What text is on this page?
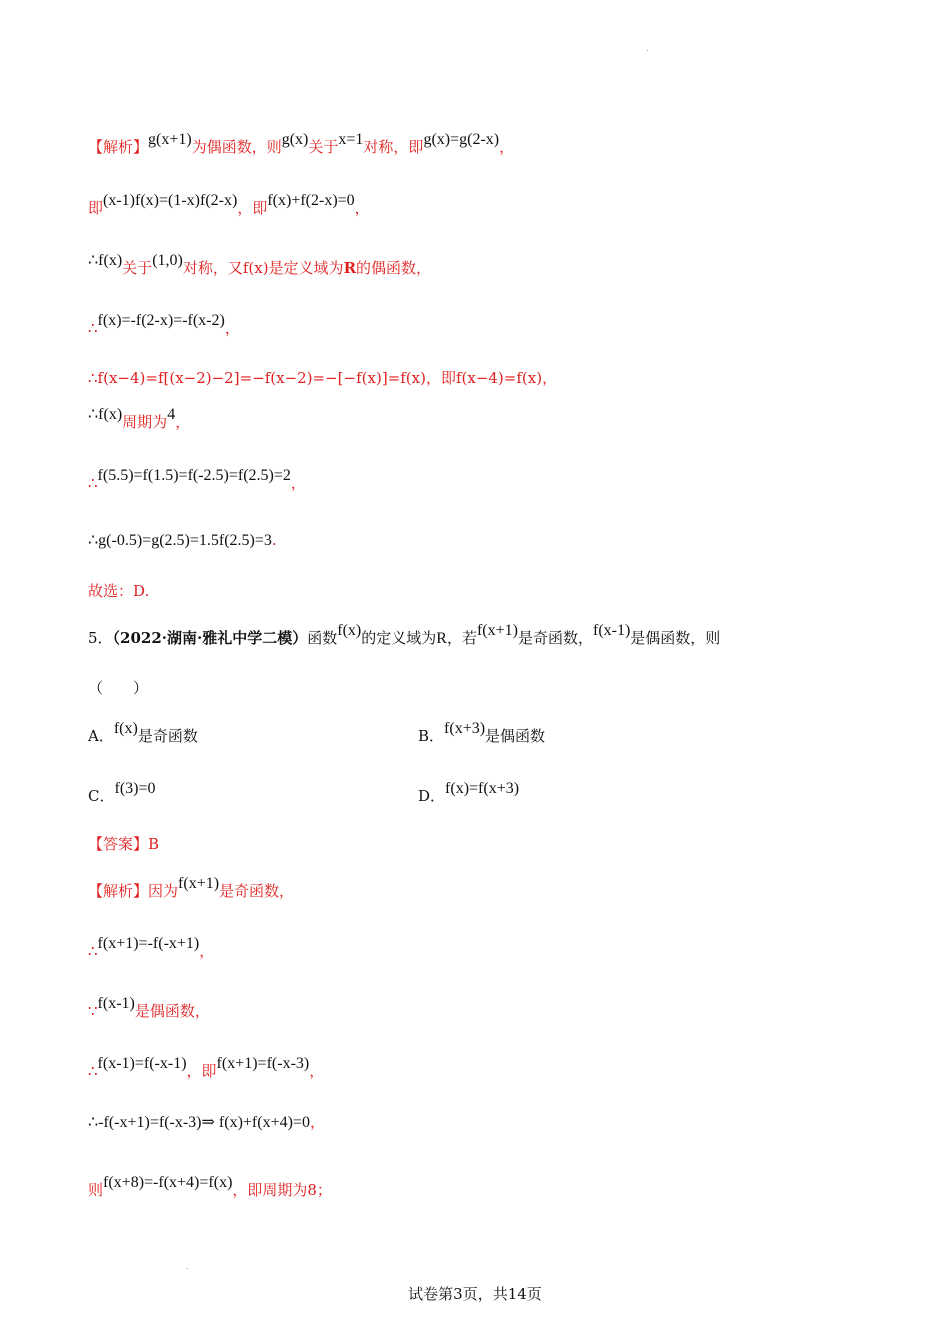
.
【解析】g(x+1)为偶函数，则g(x)关于x=1对称，即g(x)=g(2-x)，
即(x-1)f(x)=(1-x)f(2-x)，即f(x)+f(2-x)=0，
∴f(x)关于(1,0)对称，又f(x)是定义域为R的偶函数，
∴f(x)=-f(2-x)=-f(x-2)，
∴f(x−4)=f[(x−2)−2]=−f(x−2)=−[−f(x)]=f(x)，即f(x−4)=f(x)，
∴f(x)周期为4，
∴f(5.5)=f(1.5)=f(-2.5)=f(2.5)=2，
∴g(-0.5)=g(2.5)=1.5f(2.5)=3.
故选：D.
5．（2022·湖南·雅礼中学二模）函数f(x)的定义域为R，若f(x+1)是奇函数，f(x-1)是偶函数，则
（　　）
A．f(x)是奇函数	B．f(x+3)是偶函数
C．f(3)=0	D．f(x)=f(x+3)
【答案】B
【解析】因为f(x+1)是奇函数，
∴f(x+1)=-f(-x+1)，
∵f(x-1)是偶函数，
∴f(x-1)=f(-x-1)，即f(x+1)=f(-x-3)，
∴-f(-x+1)=f(-x-3)⇒ f(x)+f(x+4)=0，
则f(x+8)=-f(x+4)=f(x)，即周期为8；
.
试卷第3页，共14页
